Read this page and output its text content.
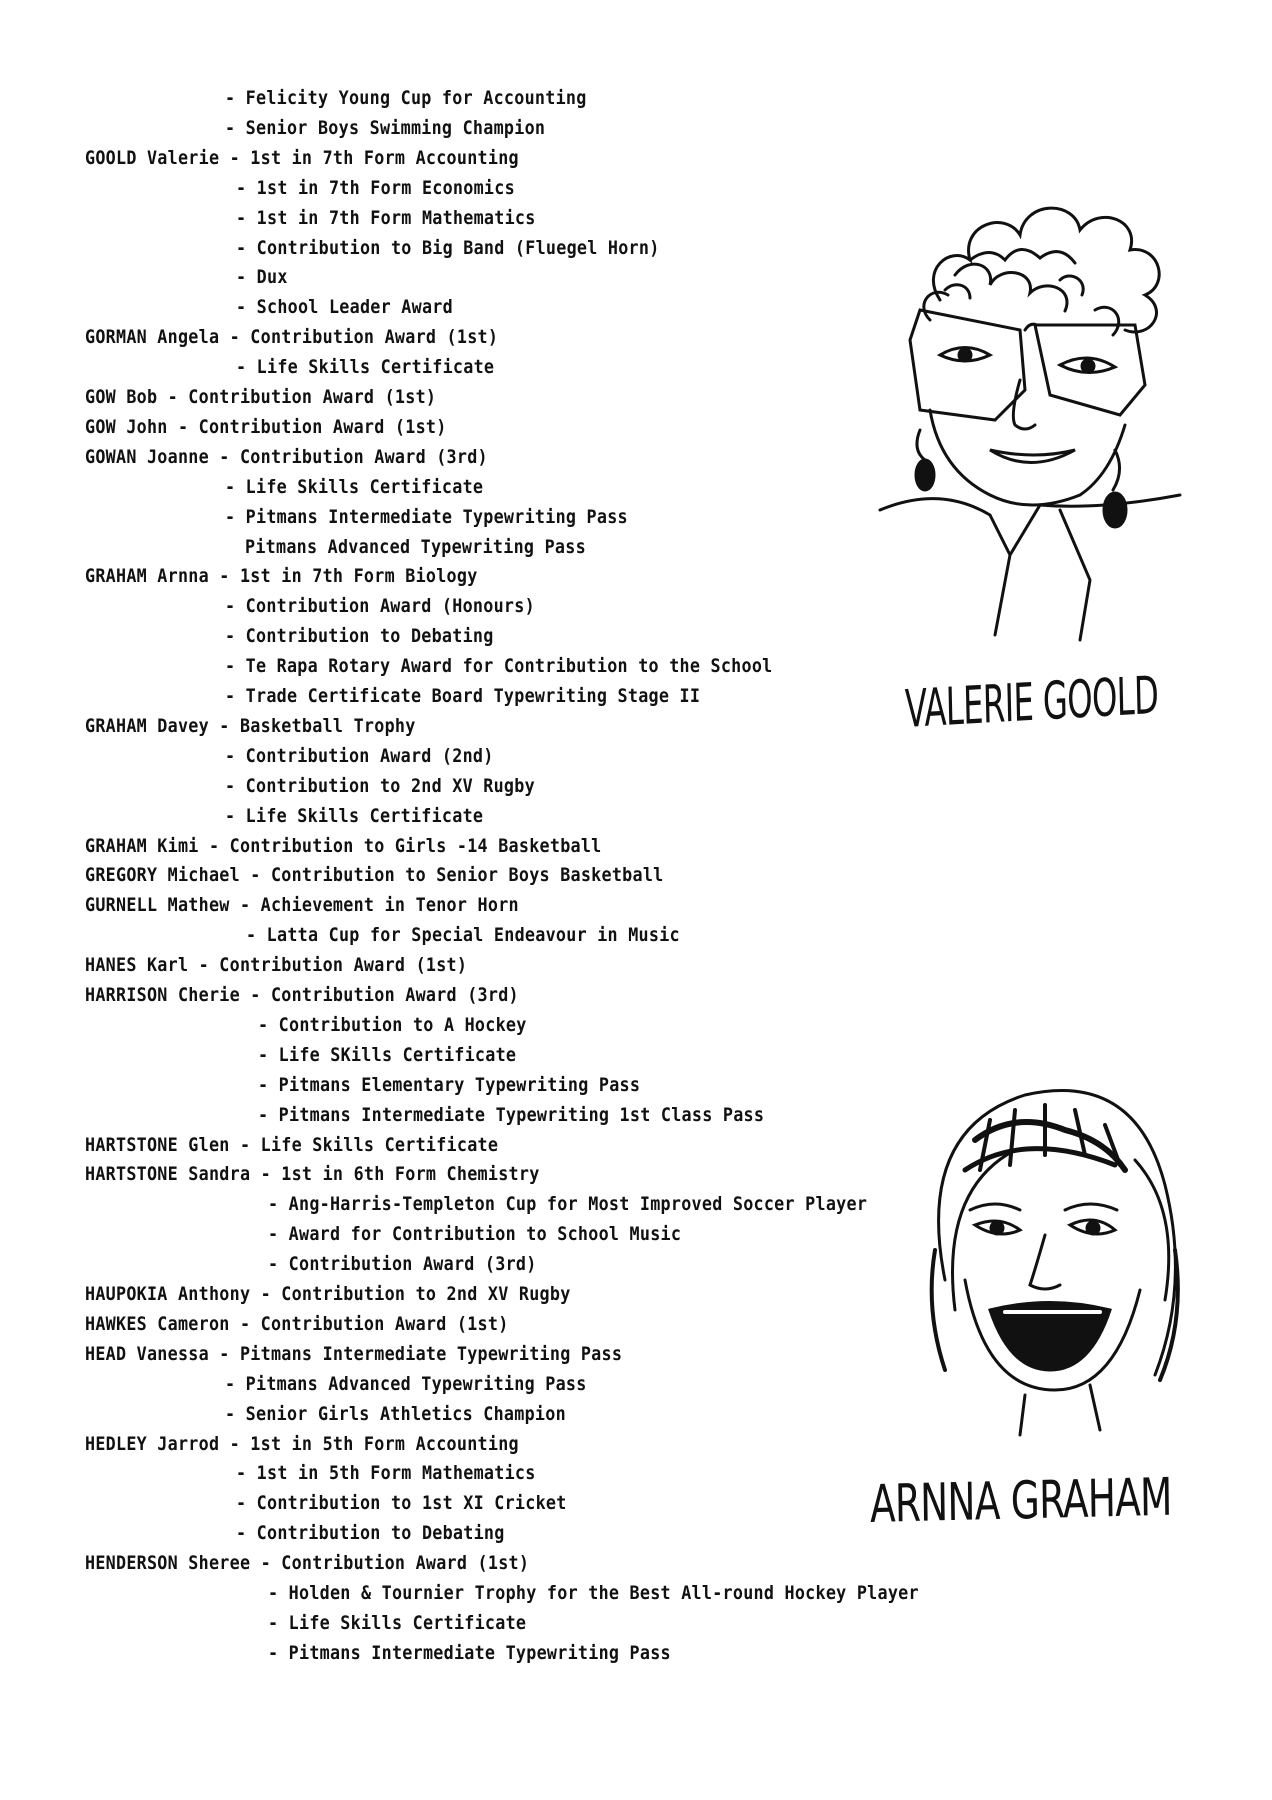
- Felicity Young Cup for Accounting
- Senior Boys Swimming Champion
GOOLD Valerie - 1st in 7th Form Accounting
- 1st in 7th Form Economics
- 1st in 7th Form Mathematics
- Contribution to Big Band (Fluegel Horn)
- Dux
- School Leader Award
GORMAN Angela - Contribution Award (1st)
- Life Skills Certificate
GOW Bob - Contribution Award (1st)
GOW John - Contribution Award (1st)
GOWAN Joanne - Contribution Award (3rd)
- Life Skills Certificate
- Pitmans Intermediate Typewriting Pass
Pitmans Advanced Typewriting Pass
GRAHAM Arnna - 1st in 7th Form Biology
- Contribution Award (Honours)
- Contribution to Debating
- Te Rapa Rotary Award for Contribution to the School
- Trade Certificate Board Typewriting Stage II
GRAHAM Davey - Basketball Trophy
- Contribution Award (2nd)
- Contribution to 2nd XV Rugby
- Life Skills Certificate
GRAHAM Kimi - Contribution to Girls -14 Basketball
GREGORY Michael - Contribution to Senior Boys Basketball
GURNELL Mathew - Achievement in Tenor Horn
- Latta Cup for Special Endeavour in Music
HANES Karl - Contribution Award (1st)
HARRISON Cherie - Contribution Award (3rd)
- Contribution to A Hockey
- Life SKills Certificate
- Pitmans Elementary Typewriting Pass
- Pitmans Intermediate Typewriting 1st Class Pass
HARTSTONE Glen - Life Skills Certificate
HARTSTONE Sandra - 1st in 6th Form Chemistry
- Ang-Harris-Templeton Cup for Most Improved Soccer Player
- Award for Contribution to School Music
- Contribution Award (3rd)
HAUPOKIA Anthony - Contribution to 2nd XV Rugby
HAWKES Cameron - Contribution Award (1st)
HEAD Vanessa - Pitmans Intermediate Typewriting Pass
- Pitmans Advanced Typewriting Pass
- Senior Girls Athletics Champion
HEDLEY Jarrod - 1st in 5th Form Accounting
- 1st in 5th Form Mathematics
- Contribution to 1st XI Cricket
- Contribution to Debating
HENDERSON Sheree - Contribution Award (1st)
- Holden & Tournier Trophy for the Best All-round Hockey Player
- Life Skills Certificate
- Pitmans Intermediate Typewriting Pass
VALERIE GOOLD
ARNNA GRAHAM
